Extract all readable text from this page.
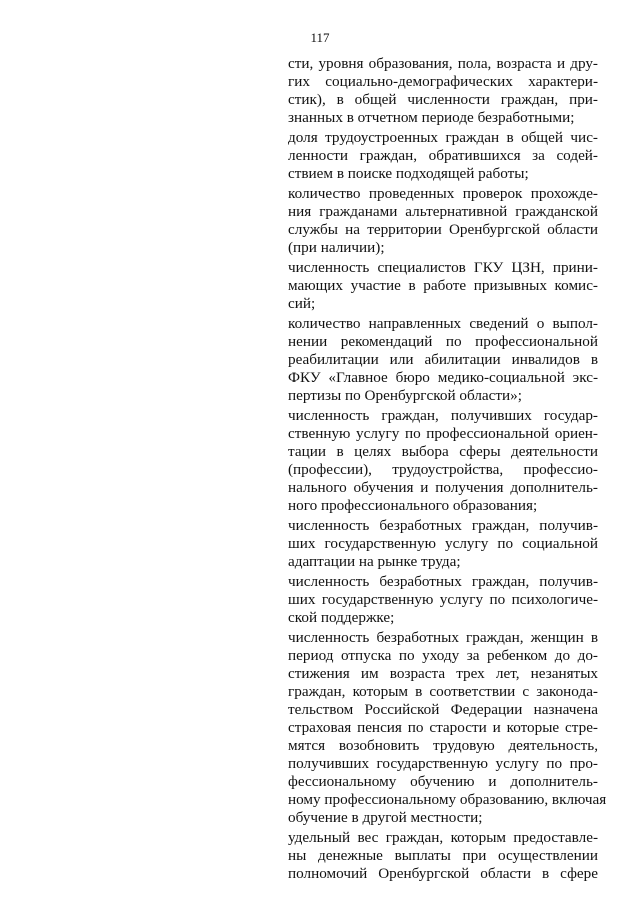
117
сти, уровня образования, пола, возраста и дру-
гих социально-демографических характери-
стик), в общей численности граждан, при-
знанных в отчетном периоде безработными;
доля трудоустроенных граждан в общей чис-
ленности граждан, обратившихся за содей-
ствием в поиске подходящей работы;
количество проведенных проверок прохожде-
ния гражданами альтернативной гражданской
службы на территории Оренбургской области
(при наличии);
численность специалистов ГКУ ЦЗН, прини-
мающих участие в работе призывных комис-
сий;
количество направленных сведений о выпол-
нении рекомендаций по профессиональной
реабилитации или абилитации инвалидов в
ФКУ «Главное бюро медико-социальной экс-
пертизы по Оренбургской области»;
численность граждан, получивших государ-
ственную услугу по профессиональной ориен-
тации в целях выбора сферы деятельности
(профессии), трудоустройства, профессио-
нального обучения и получения дополнитель-
ного профессионального образования;
численность безработных граждан, получив-
ших государственную услугу по социальной
адаптации на рынке труда;
численность безработных граждан, получив-
ших государственную услугу по психологиче-
ской поддержке;
численность безработных граждан, женщин в
период отпуска по уходу за ребенком до до-
стижения им возраста трех лет, незанятых
граждан, которым в соответствии с законода-
тельством Российской Федерации назначена
страховая пенсия по старости и которые стре-
мятся возобновить трудовую деятельность,
получивших государственную услугу по про-
фессиональному обучению и дополнитель-
ному профессиональному образованию, включая
обучение в другой местности;
удельный вес граждан, которым предоставле-
ны денежные выплаты при осуществлении
полномочий Оренбургской области в сфере
